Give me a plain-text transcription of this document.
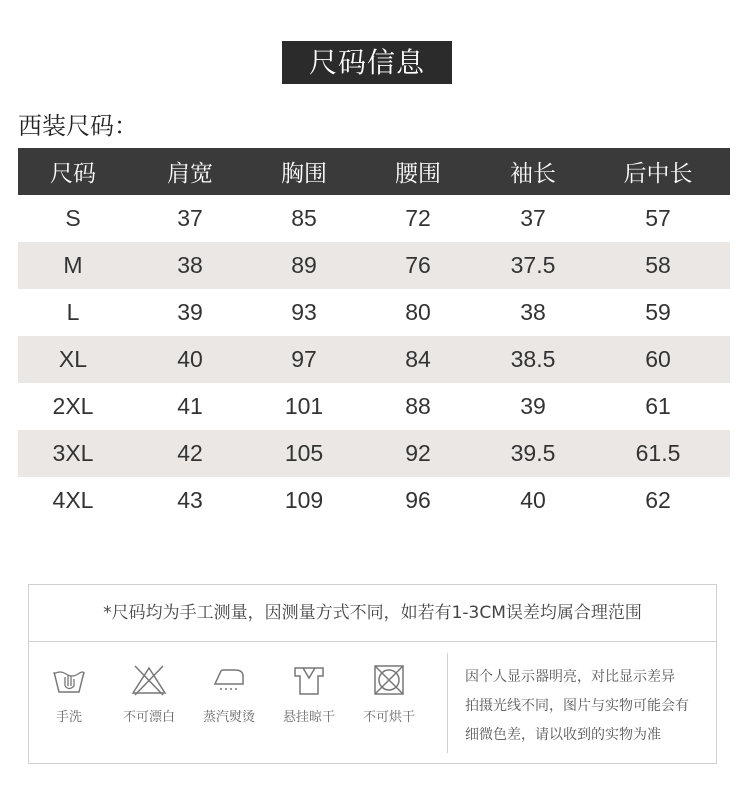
尺码信息
西装尺码：
尺码	肩宽	胸围	腰围	袖长	后中长
S	37	85	72	37	57
M	38	89	76	37.5	58
L	39	93	80	38	59
XL	40	97	84	38.5	60
2XL	41	101	88	39	61
3XL	42	105	92	39.5	61.5
4XL	43	109	96	40	62
*尺码均为手工测量，因测量方式不同，如若有1-3CM误差均属合理范围
手洗	不可漂白	蒸汽熨烫	悬挂晾干	不可烘干
因个人显示器明亮，对比显示差异
拍摄光线不同，图片与实物可能会有
细微色差，请以收到的实物为准
